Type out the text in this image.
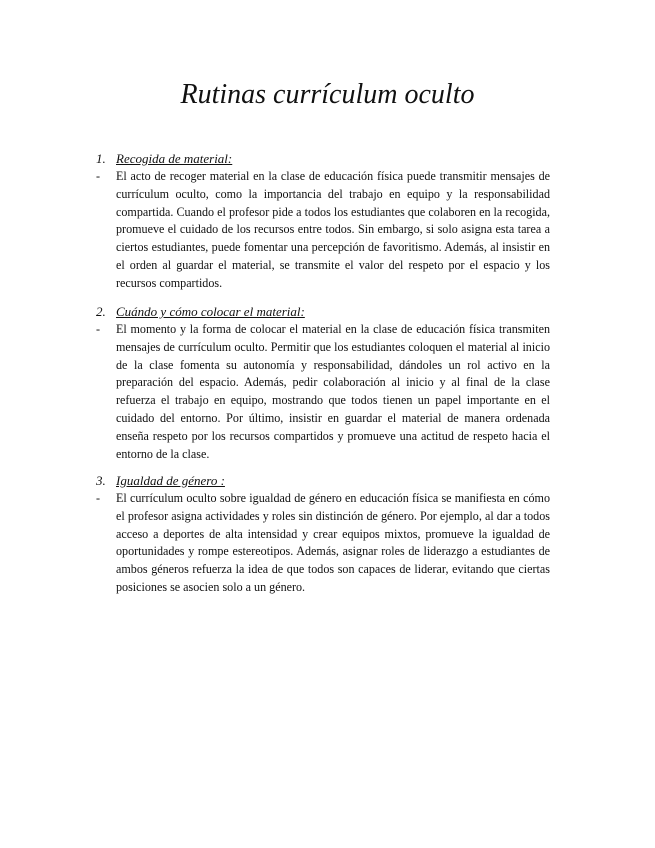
Rutinas currículum oculto
1. Recogida de material:
- El acto de recoger material en la clase de educación física puede transmitir mensajes de currículum oculto, como la importancia del trabajo en equipo y la responsabilidad compartida. Cuando el profesor pide a todos los estudiantes que colaboren en la recogida, promueve el cuidado de los recursos entre todos. Sin embargo, si solo asigna esta tarea a ciertos estudiantes, puede fomentar una percepción de favoritismo. Además, al insistir en el orden al guardar el material, se transmite el valor del respeto por el espacio y los recursos compartidos.
2. Cuándo y cómo colocar el material:
- El momento y la forma de colocar el material en la clase de educación física transmiten mensajes de currículum oculto. Permitir que los estudiantes coloquen el material al inicio de la clase fomenta su autonomía y responsabilidad, dándoles un rol activo en la preparación del espacio. Además, pedir colaboración al inicio y al final de la clase refuerza el trabajo en equipo, mostrando que todos tienen un papel importante en el cuidado del entorno. Por último, insistir en guardar el material de manera ordenada enseña respeto por los recursos compartidos y promueve una actitud de respeto hacia el entorno de la clase.
3. Igualdad de género :
- El currículum oculto sobre igualdad de género en educación física se manifiesta en cómo el profesor asigna actividades y roles sin distinción de género. Por ejemplo, al dar a todos acceso a deportes de alta intensidad y crear equipos mixtos, promueve la igualdad de oportunidades y rompe estereotipos. Además, asignar roles de liderazgo a estudiantes de ambos géneros refuerza la idea de que todos son capaces de liderar, evitando que ciertas posiciones se asocien solo a un género.
